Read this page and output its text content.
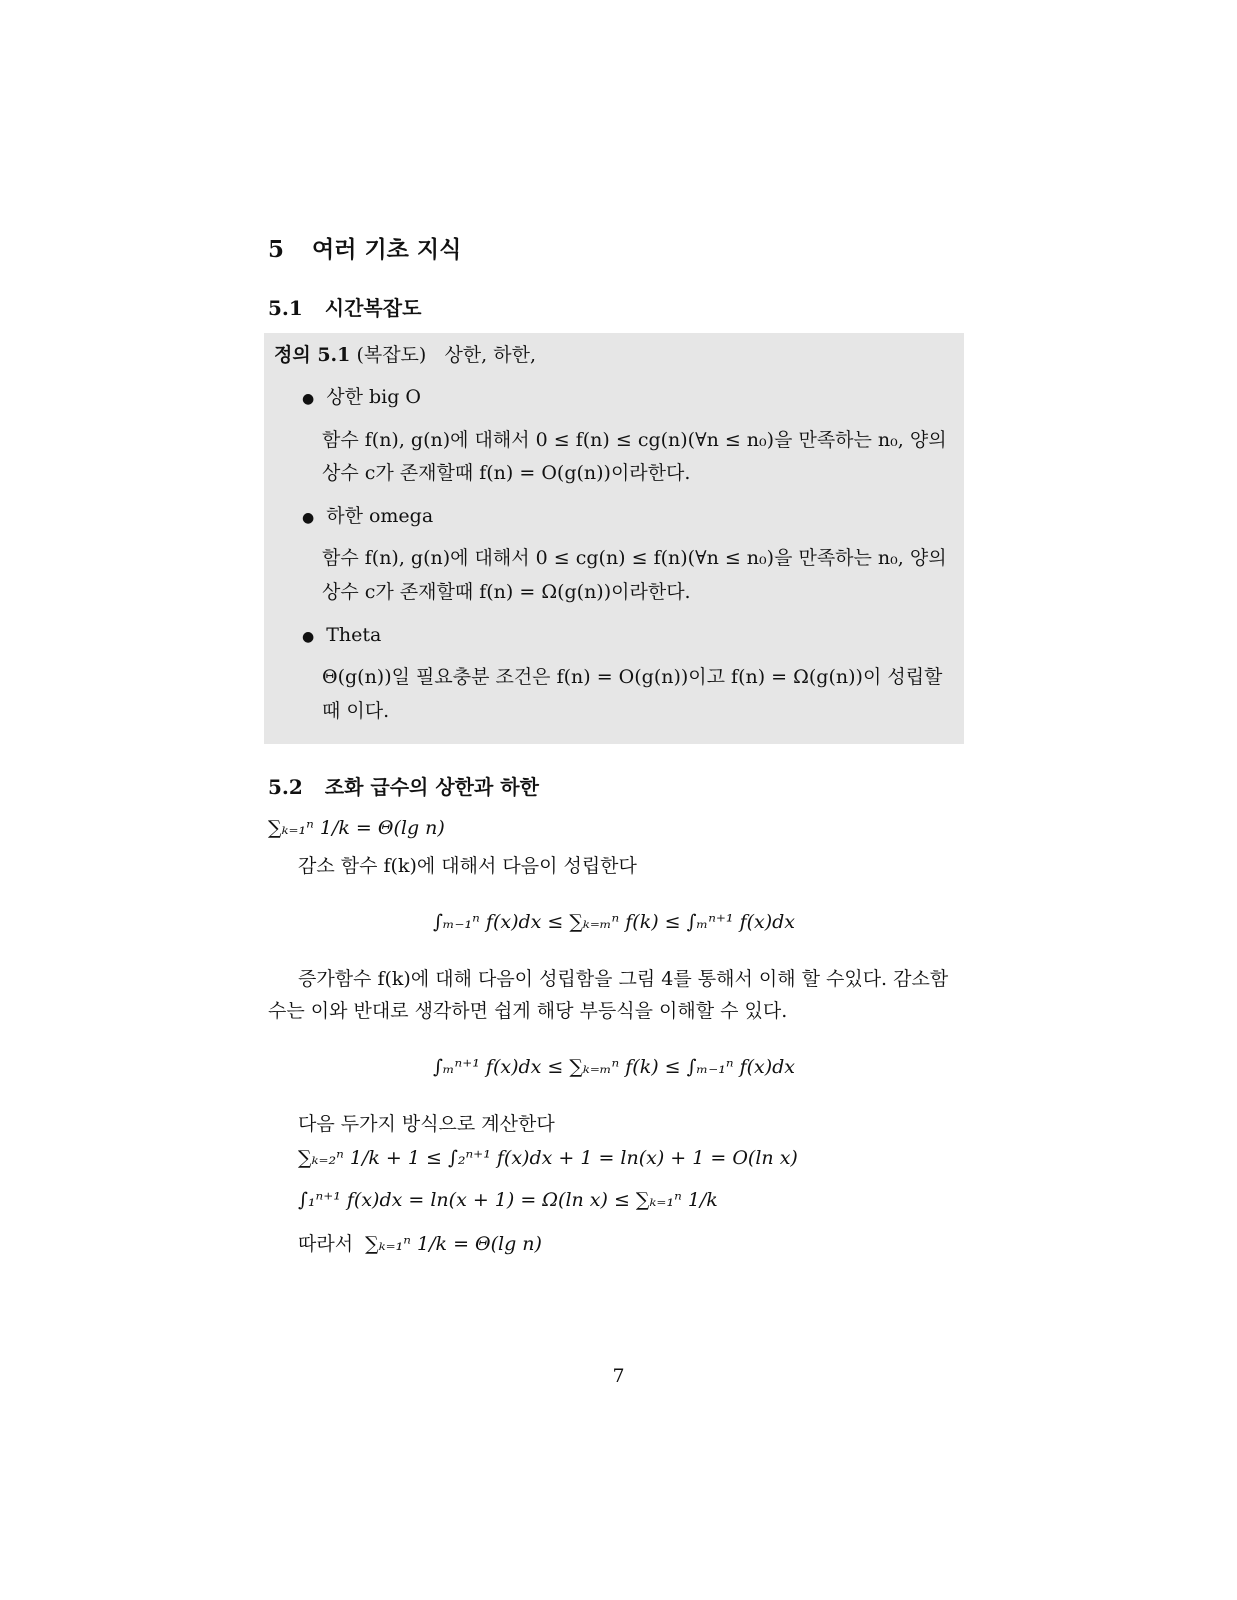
5 여러 기초 지식
5.1 시간복잡도
정의 5.1 (복잡도) 상한, 하한,
● 상한 big O
함수 f(n), g(n)에 대해서 0 ≤ f(n) ≤ cg(n)(∀n ≤ n₀)을 만족하는 n₀, 양의 상수 c가 존재할때 f(n) = O(g(n))이라한다.
● 하한 omega
함수 f(n), g(n)에 대해서 0 ≤ cg(n) ≤ f(n)(∀n ≤ n₀)을 만족하는 n₀, 양의 상수 c가 존재할때 f(n) = Ω(g(n))이라한다.
● Theta
Θ(g(n))일 필요충분 조건은 f(n) = O(g(n))이고 f(n) = Ω(g(n))이 성립할때 이다.
5.2 조화 급수의 상한과 하한
∑ₖ₌₁ⁿ 1/k = Θ(lg n)
감소 함수 f(k)에 대해서 다음이 성립한다
∫ₘ₋₁ⁿ f(x)dx ≤ ∑ₖ₌ₘⁿ f(k) ≤ ∫ₘⁿ⁺¹ f(x)dx
증가함수 f(k)에 대해 다음이 성립함을 그림 4를 통해서 이해 할 수있다. 감소함수는 이와 반대로 생각하면 쉽게 해당 부등식을 이해할 수 있다.
∫ₘⁿ⁺¹ f(x)dx ≤ ∑ₖ₌ₘⁿ f(k) ≤ ∫ₘ₋₁ⁿ f(x)dx
다음 두가지 방식으로 계산한다
∑ₖ₌₂ⁿ 1/k + 1 ≤ ∫₂ⁿ⁺¹ f(x)dx + 1 = ln(x) + 1 = O(ln x)
∫₁ⁿ⁺¹ f(x)dx = ln(x + 1) = Ω(ln x) ≤ ∑ₖ₌₁ⁿ 1/k
따라서 ∑ₖ₌₁ⁿ 1/k = Θ(lg n)
7
